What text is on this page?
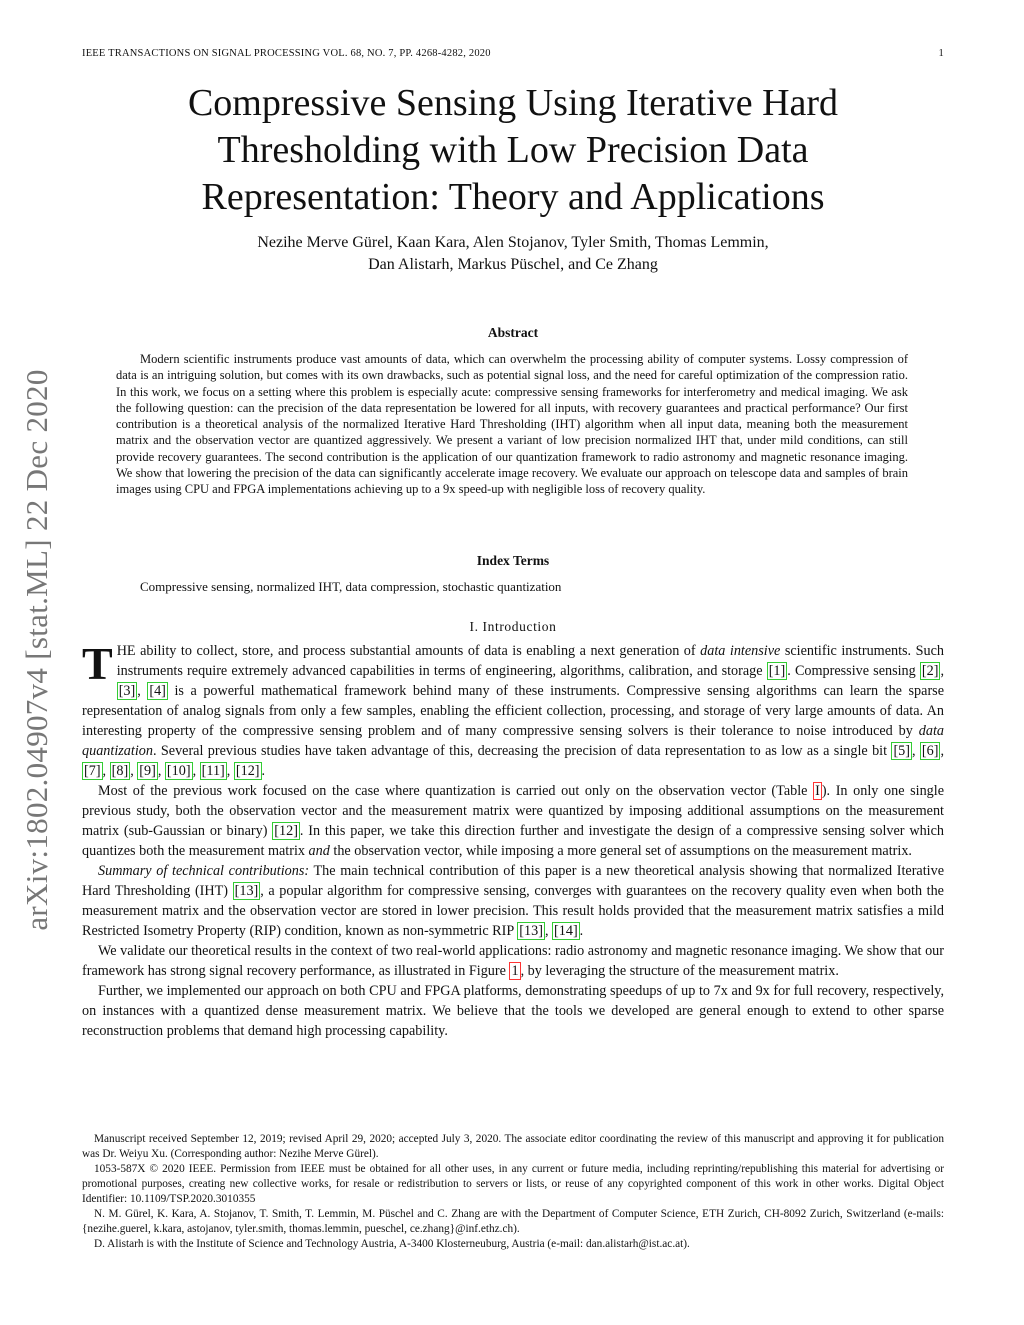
IEEE TRANSACTIONS ON SIGNAL PROCESSING VOL. 68, NO. 7, PP. 4268-4282, 2020	1
arXiv:1802.04907v4 [stat.ML] 22 Dec 2020
Compressive Sensing Using Iterative Hard
Thresholding with Low Precision Data
Representation: Theory and Applications
Nezihe Merve Gürel, Kaan Kara, Alen Stojanov, Tyler Smith, Thomas Lemmin,
Dan Alistarh, Markus Püschel, and Ce Zhang
Abstract

Modern scientific instruments produce vast amounts of data, which can overwhelm the processing ability of computer systems. Lossy compression of data is an intriguing solution, but comes with its own drawbacks, such as potential signal loss, and the need for careful optimization of the compression ratio. In this work, we focus on a setting where this problem is especially acute: compressive sensing frameworks for interferometry and medical imaging. We ask the following question: can the precision of the data representation be lowered for all inputs, with recovery guarantees and practical performance? Our first contribution is a theoretical analysis of the normalized Iterative Hard Thresholding (IHT) algorithm when all input data, meaning both the measurement matrix and the observation vector are quantized aggressively. We present a variant of low precision normalized IHT that, under mild conditions, can still provide recovery guarantees. The second contribution is the application of our quantization framework to radio astronomy and magnetic resonance imaging. We show that lowering the precision of the data can significantly accelerate image recovery. We evaluate our approach on telescope data and samples of brain images using CPU and FPGA implementations achieving up to a 9x speed-up with negligible loss of recovery quality.

Index Terms
Compressive sensing, normalized IHT, data compression, stochastic quantization
I. Introduction

THE ability to collect, store, and process substantial amounts of data is enabling a next generation of data intensive scientific instruments. Such instruments require extremely advanced capabilities in terms of engineering, algorithms, calibration, and storage [1] . Compressive sensing [2] , [3] , [4] is a powerful mathematical framework behind many of these instruments. Compressive sensing algorithms can learn the sparse representation of analog signals from only a few samples, enabling the efficient collection, processing, and storage of very large amounts of data. An interesting property of the compressive sensing problem and of many compressive sensing solvers is their tolerance to noise introduced by data quantization. Several previous studies have taken advantage of this, decreasing the precision of data representation to as low as a single bit [5] , [6] , [7] , [8] , [9] , [10] , [11] , [12] .

Most of the previous work focused on the case where quantization is carried out only on the observation vector (Table I ). In only one single previous study, both the observation vector and the measurement matrix were quantized by imposing additional assumptions on the measurement matrix (sub-Gaussian or binary) [12] . In this paper, we take this direction further and investigate the design of a compressive sensing solver which quantizes both the measurement matrix and the observation vector, while imposing a more general set of assumptions on the measurement matrix.

Summary of technical contributions: The main technical contribution of this paper is a new theoretical analysis showing that normalized Iterative Hard Thresholding (IHT) [13] , a popular algorithm for compressive sensing, converges with guarantees on the recovery quality even when both the measurement matrix and the observation vector are stored in lower precision. This result holds provided that the measurement matrix satisfies a mild Restricted Isometry Property (RIP) condition, known as non-symmetric RIP [13] , [14] .

We validate our theoretical results in the context of two real-world applications: radio astronomy and magnetic resonance imaging. We show that our framework has strong signal recovery performance, as illustrated in Figure 1 , by leveraging the structure of the measurement matrix.

Further, we implemented our approach on both CPU and FPGA platforms, demonstrating speedups of up to 7x and 9x for full recovery, respectively, on instances with a quantized dense measurement matrix. We believe that the tools we developed are general enough to extend to other sparse reconstruction problems that demand high processing capability.

Manuscript received September 12, 2019; revised April 29, 2020; accepted July 3, 2020. The associate editor coordinating the review of this manuscript and approving it for publication was Dr. Weiyu Xu. (Corresponding author: Nezihe Merve Gürel).

1053-587X © 2020 IEEE. Permission from IEEE must be obtained for all other uses, in any current or future media, including reprinting/republishing this material for advertising or promotional purposes, creating new collective works, for resale or redistribution to servers or lists, or reuse of any copyrighted component of this work in other works. Digital Object Identifier: 10.1109/TSP.2020.3010355

N. M. Gürel, K. Kara, A. Stojanov, T. Smith, T. Lemmin, M. Püschel and C. Zhang are with the Department of Computer Science, ETH Zurich, CH-8092 Zurich, Switzerland (e-mails: {nezihe.guerel, k.kara, astojanov, tyler.smith, thomas.lemmin, pueschel, ce.zhang}@inf.ethz.ch).

D. Alistarh is with the Institute of Science and Technology Austria, A-3400 Klosterneuburg, Austria (e-mail: dan.alistarh@ist.ac.at).
